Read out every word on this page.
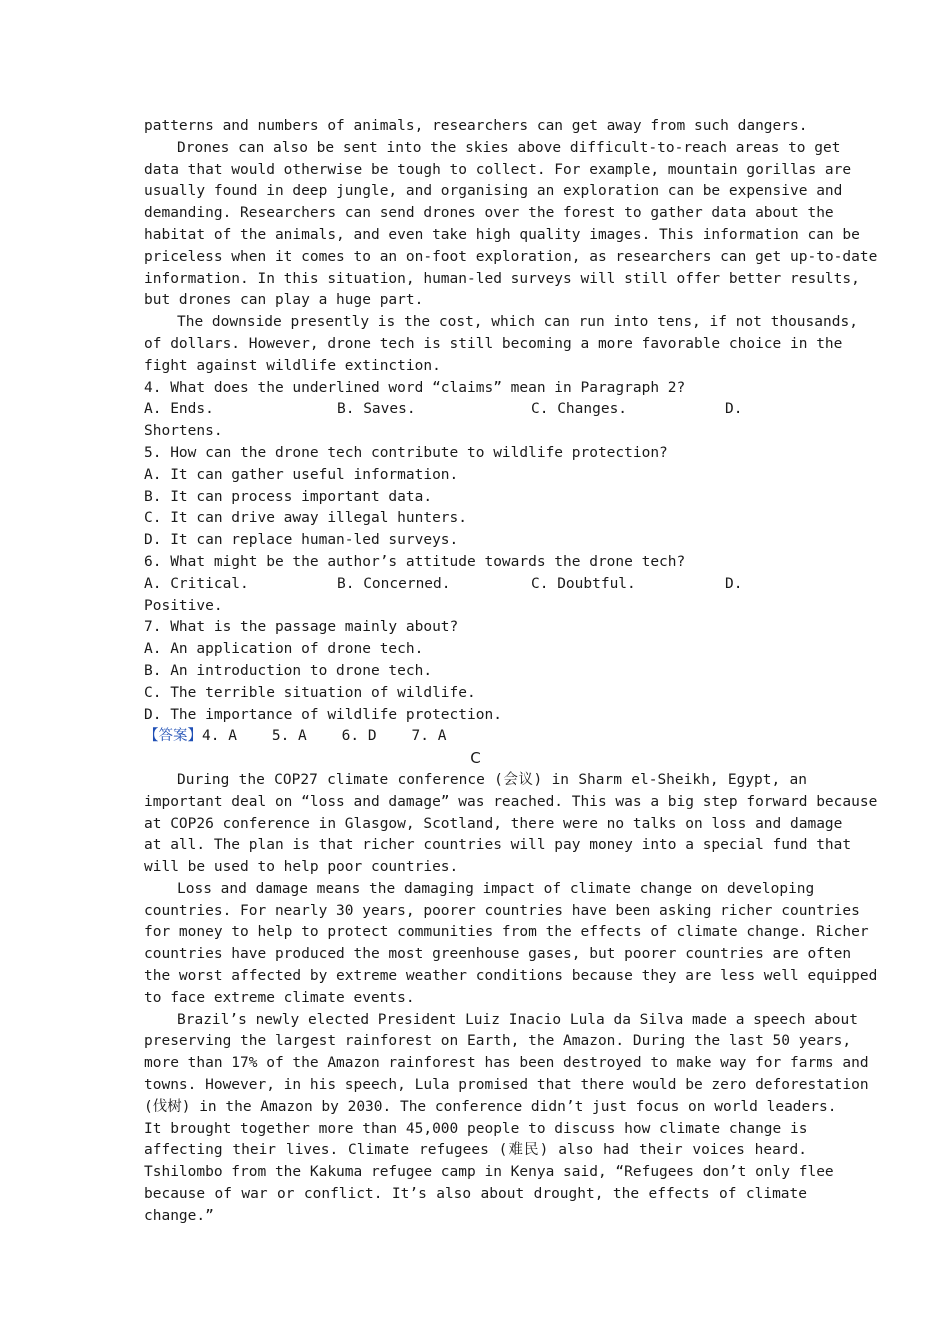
patterns and numbers of animals, researchers can get away from such dangers.
Drones can also be sent into the skies above difficult-to-reach areas to get
data that would otherwise be tough to collect. For example, mountain gorillas are
usually found in deep jungle, and organising an exploration can be expensive and
demanding. Researchers can send drones over the forest to gather data about the
habitat of the animals, and even take high quality images. This information can be
priceless when it comes to an on-foot exploration, as researchers can get up-to-date
information. In this situation, human-led surveys will still offer better results,
but drones can play a huge part.
The downside presently is the cost, which can run into tens, if not thousands,
of dollars. However, drone tech is still becoming a more favorable choice in the
fight against wildlife extinction.
4. What does the underlined word “claims” mean in Paragraph 2?
A. Ends.	B. Saves.	C. Changes.	D.
Shortens.
5. How can the drone tech contribute to wildlife protection?
A. It can gather useful information.
B. It can process important data.
C. It can drive away illegal hunters.
D. It can replace human-led surveys.
6. What might be the author’s attitude towards the drone tech?
A. Critical.	B. Concerned.	C. Doubtful.	D.
Positive.
7. What is the passage mainly about?
A. An application of drone tech.
B. An introduction to drone tech.
C. The terrible situation of wildlife.
D. The importance of wildlife protection.
【答案】4. A    5. A    6. D    7. A
C
During the COP27 climate conference (会议) in Sharm el-Sheikh, Egypt, an
important deal on “loss and damage” was reached. This was a big step forward because
at COP26 conference in Glasgow, Scotland, there were no talks on loss and damage
at all. The plan is that richer countries will pay money into a special fund that
will be used to help poor countries.
Loss and damage means the damaging impact of climate change on developing
countries. For nearly 30 years, poorer countries have been asking richer countries
for money to help to protect communities from the effects of climate change. Richer
countries have produced the most greenhouse gases, but poorer countries are often
the worst affected by extreme weather conditions because they are less well equipped
to face extreme climate events.
Brazil’s newly elected President Luiz Inacio Lula da Silva made a speech about
preserving the largest rainforest on Earth, the Amazon. During the last 50 years,
more than 17% of the Amazon rainforest has been destroyed to make way for farms and
towns. However, in his speech, Lula promised that there would be zero deforestation
(伐树) in the Amazon by 2030. The conference didn’t just focus on world leaders.
It brought together more than 45,000 people to discuss how climate change is
affecting their lives. Climate refugees (难民) also had their voices heard.
Tshilombo from the Kakuma refugee camp in Kenya said, “Refugees don’t only flee
because of war or conflict. It’s also about drought, the effects of climate
change.”
